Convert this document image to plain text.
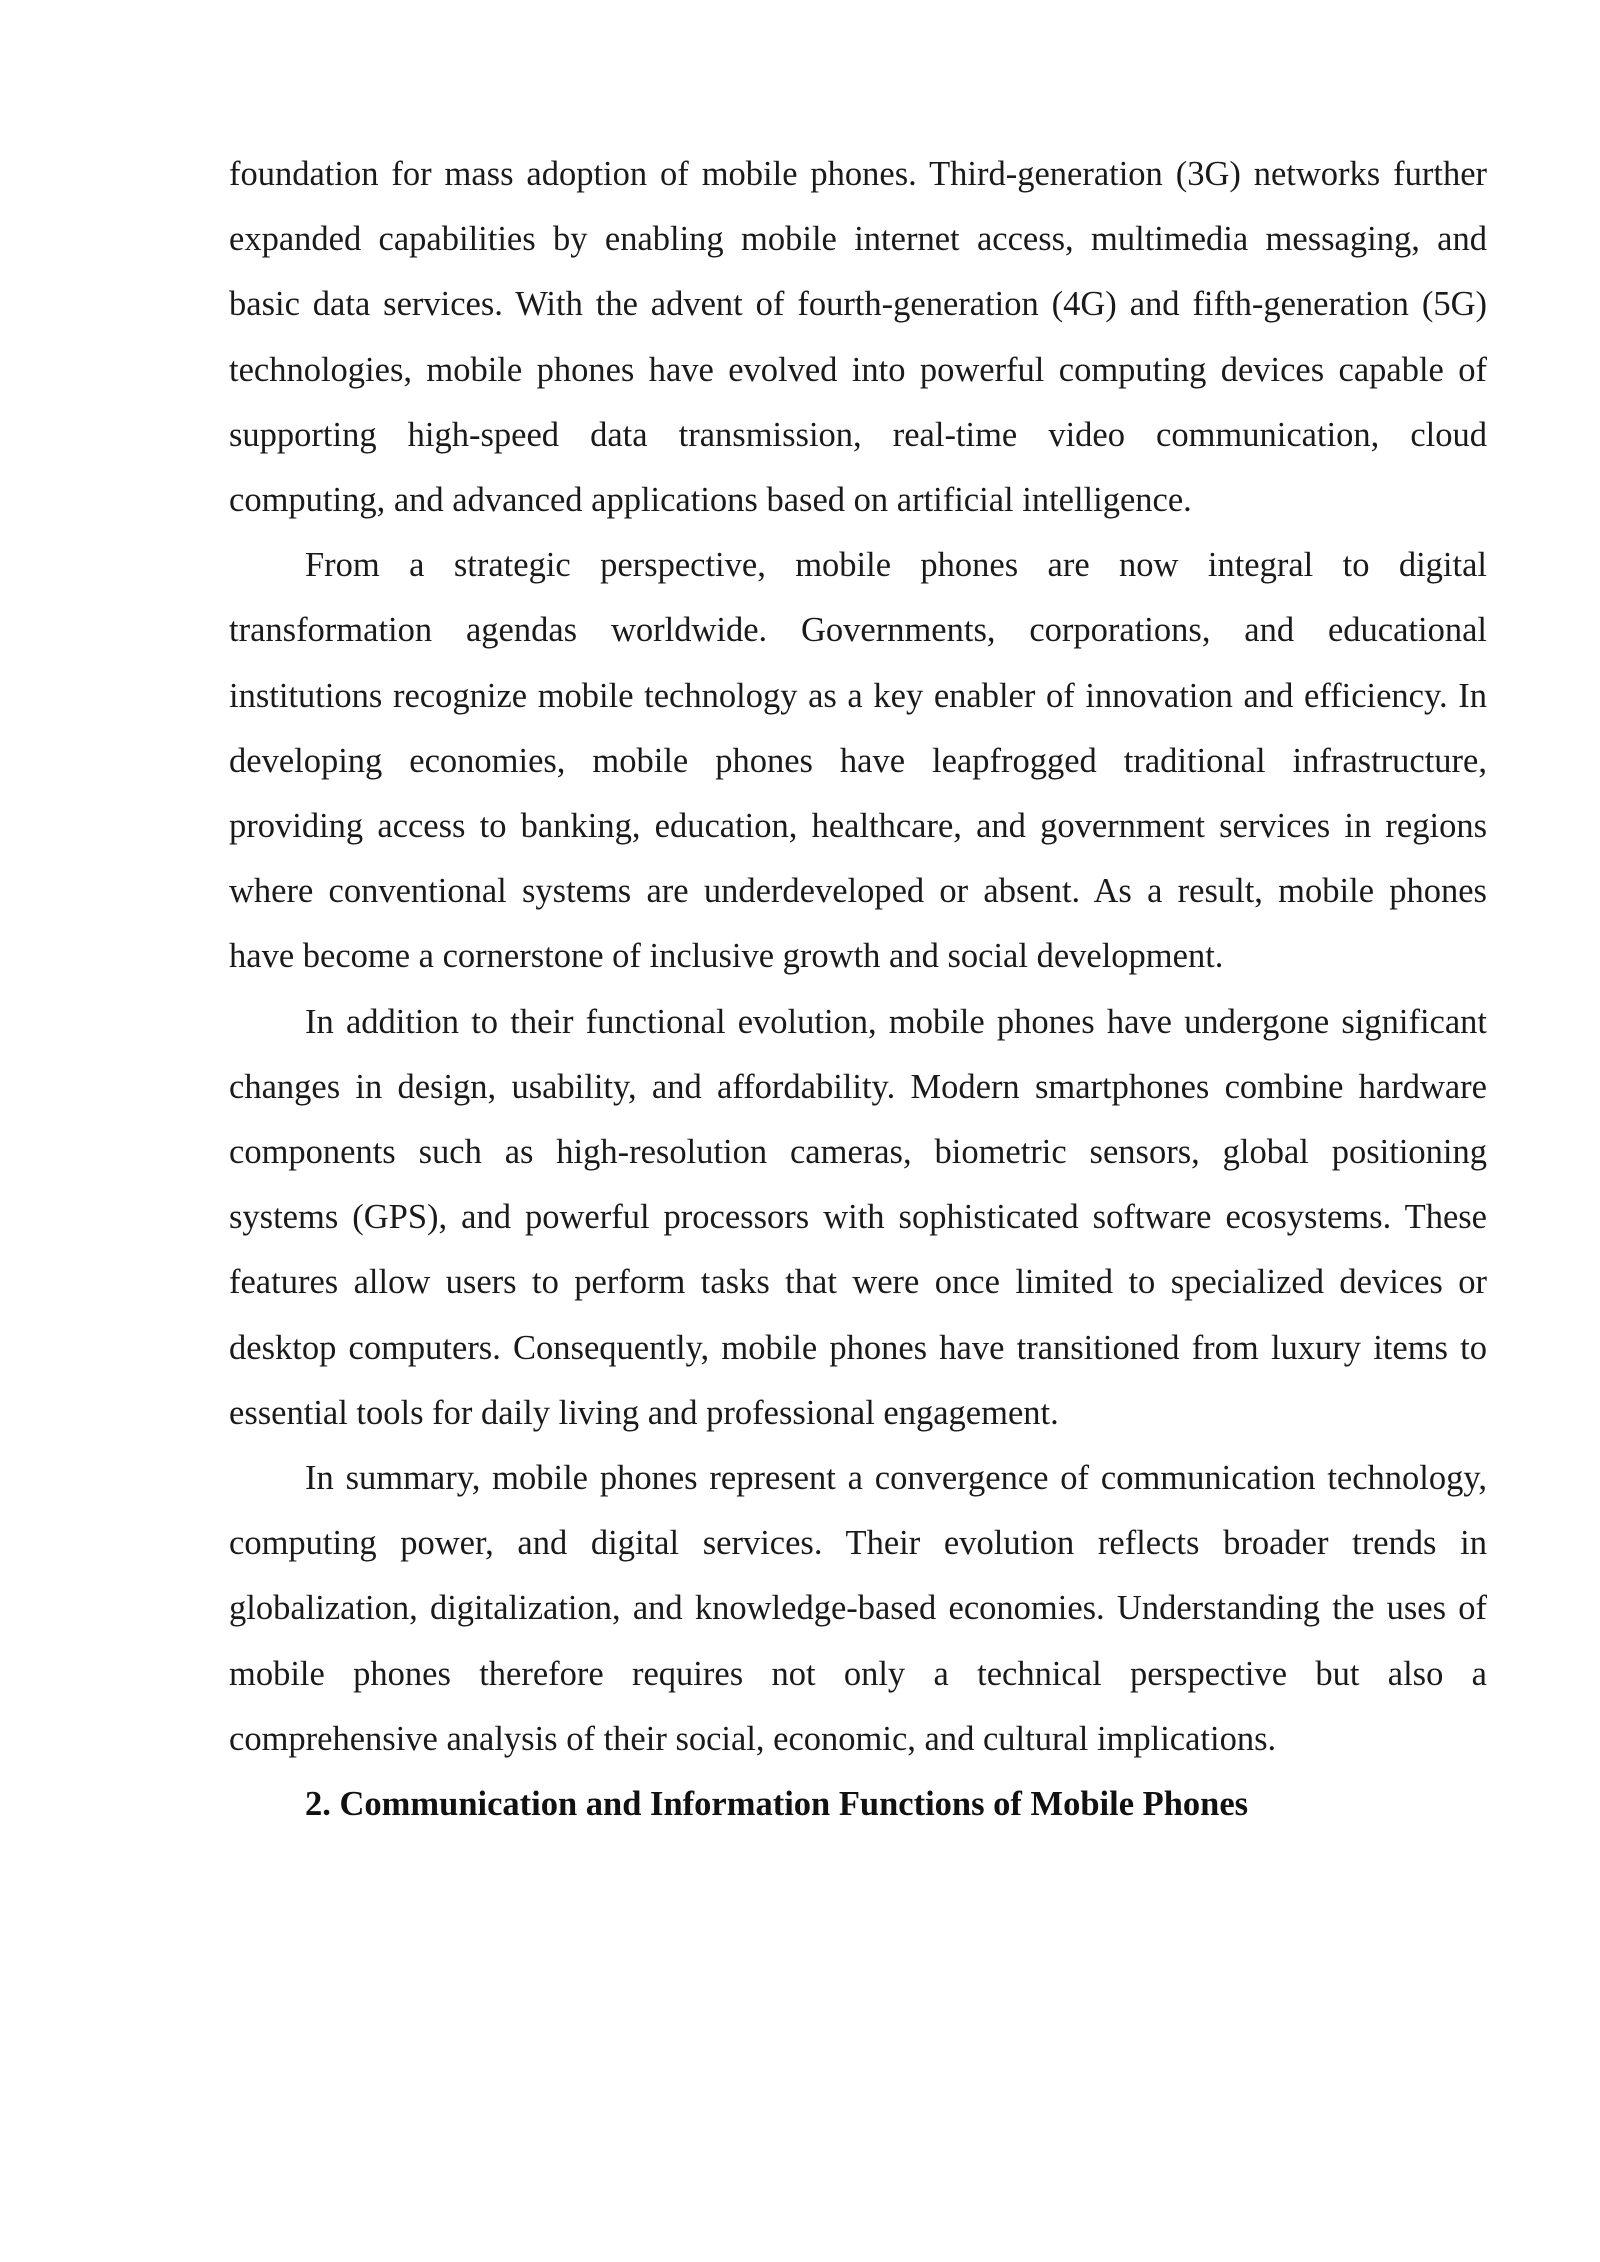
foundation for mass adoption of mobile phones. Third-generation (3G) networks further expanded capabilities by enabling mobile internet access, multimedia messaging, and basic data services. With the advent of fourth-generation (4G) and fifth-generation (5G) technologies, mobile phones have evolved into powerful computing devices capable of supporting high-speed data transmission, real-time video communication, cloud computing, and advanced applications based on artificial intelligence.

From a strategic perspective, mobile phones are now integral to digital transformation agendas worldwide. Governments, corporations, and educational institutions recognize mobile technology as a key enabler of innovation and efficiency. In developing economies, mobile phones have leapfrogged traditional infrastructure, providing access to banking, education, healthcare, and government services in regions where conventional systems are underdeveloped or absent. As a result, mobile phones have become a cornerstone of inclusive growth and social development.

In addition to their functional evolution, mobile phones have undergone significant changes in design, usability, and affordability. Modern smartphones combine hardware components such as high-resolution cameras, biometric sensors, global positioning systems (GPS), and powerful processors with sophisticated software ecosystems. These features allow users to perform tasks that were once limited to specialized devices or desktop computers. Consequently, mobile phones have transitioned from luxury items to essential tools for daily living and professional engagement.

In summary, mobile phones represent a convergence of communication technology, computing power, and digital services. Their evolution reflects broader trends in globalization, digitalization, and knowledge-based economies. Understanding the uses of mobile phones therefore requires not only a technical perspective but also a comprehensive analysis of their social, economic, and cultural implications.

2. Communication and Information Functions of Mobile Phones
